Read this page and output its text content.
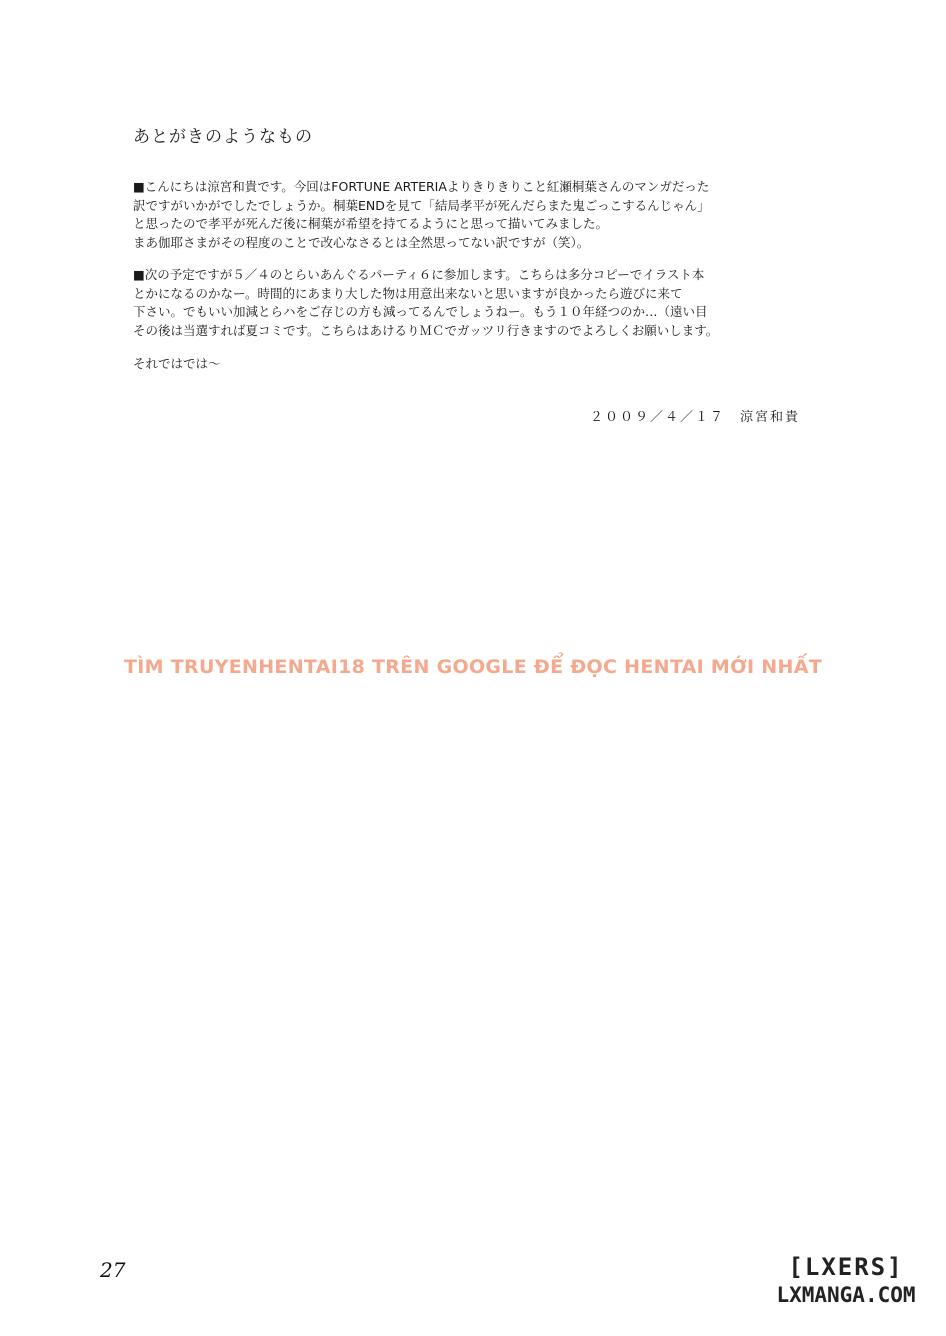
あとがきのようなもの
■こんにちは涼宮和貴です。今回はFORTUNE ARTERIAよりきりきりこと紅瀬桐葉さんのマンガだった
訳ですがいかがでしたでしょうか。桐葉ENDを見て「結局孝平が死んだらまた鬼ごっこするんじゃん」
と思ったので孝平が死んだ後に桐葉が希望を持てるようにと思って描いてみました。
まあ伽耶さまがその程度のことで改心なさるとは全然思ってない訳ですが（笑）。
■次の予定ですが５／４のとらいあんぐるパーティ６に参加します。こちらは多分コピーでイラスト本
とかになるのかなー。時間的にあまり大した物は用意出来ないと思いますが良かったら遊びに来て
下さい。でもいい加減とらハをご存じの方も減ってるんでしょうねー。もう１０年経つのか…（遠い目
その後は当選すれば夏コミです。こちらはあけるりＭＣでガッツリ行きますのでよろしくお願いします。
それではでは～
２００９／４／１７　涼宮和貴
TÌM TRUYENHENTAI18 TRÊN GOOGLE ĐỂ ĐỌC HENTAI MỚI NHẤT
27	[LXERS]
LXMANGA.COM
